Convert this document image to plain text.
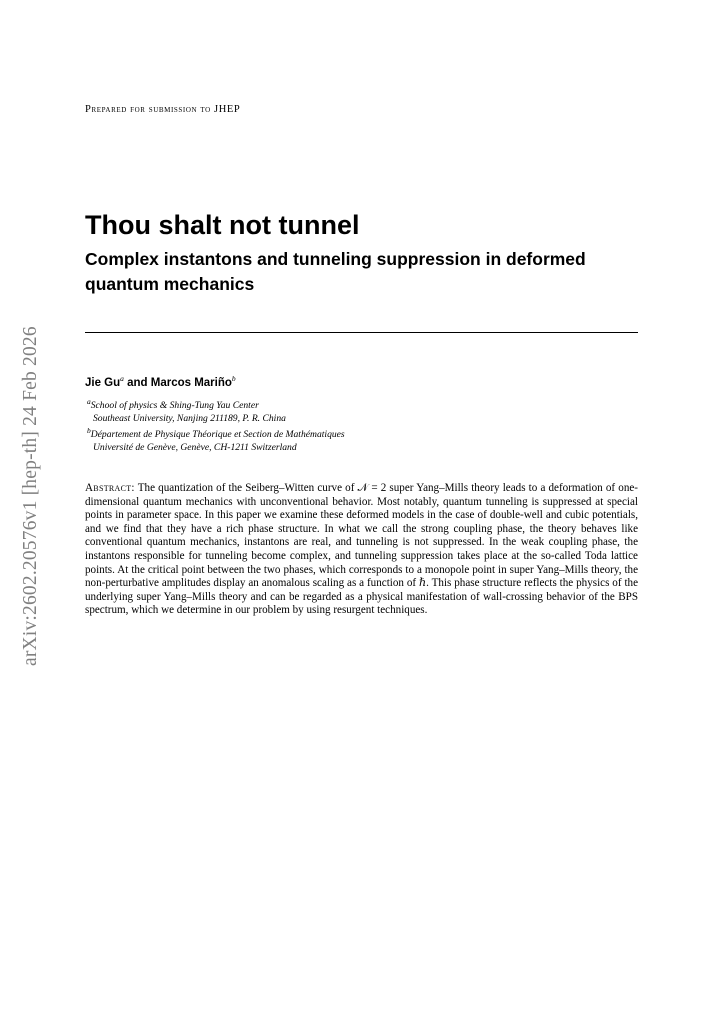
arXiv:2602.20576v1 [hep-th] 24 Feb 2026
Prepared for submission to JHEP
Thou shalt not tunnel
Complex instantons and tunneling suppression in deformed quantum mechanics
Jie Gu$^a$ and Marcos Mariño$^b$
$^a$School of physics & Shing-Tung Yau Center
Southeast University, Nanjing 211189, P. R. China
$^b$Département de Physique Théorique et Section de Mathématiques
Université de Genève, Genève, CH-1211 Switzerland
Abstract: The quantization of the Seiberg–Witten curve of 𝒩 = 2 super Yang–Mills theory leads to a deformation of one-dimensional quantum mechanics with unconventional behavior. Most notably, quantum tunneling is suppressed at special points in parameter space. In this paper we examine these deformed models in the case of double-well and cubic potentials, and we find that they have a rich phase structure. In what we call the strong coupling phase, the theory behaves like conventional quantum mechanics, instantons are real, and tunneling is not suppressed. In the weak coupling phase, the instantons responsible for tunneling become complex, and tunneling suppression takes place at the so-called Toda lattice points. At the critical point between the two phases, which corresponds to a monopole point in super Yang–Mills theory, the non-perturbative amplitudes display an anomalous scaling as a function of ℏ. This phase structure reflects the physics of the underlying super Yang–Mills theory and can be regarded as a physical manifestation of wall-crossing behavior of the BPS spectrum, which we determine in our problem by using resurgent techniques.
